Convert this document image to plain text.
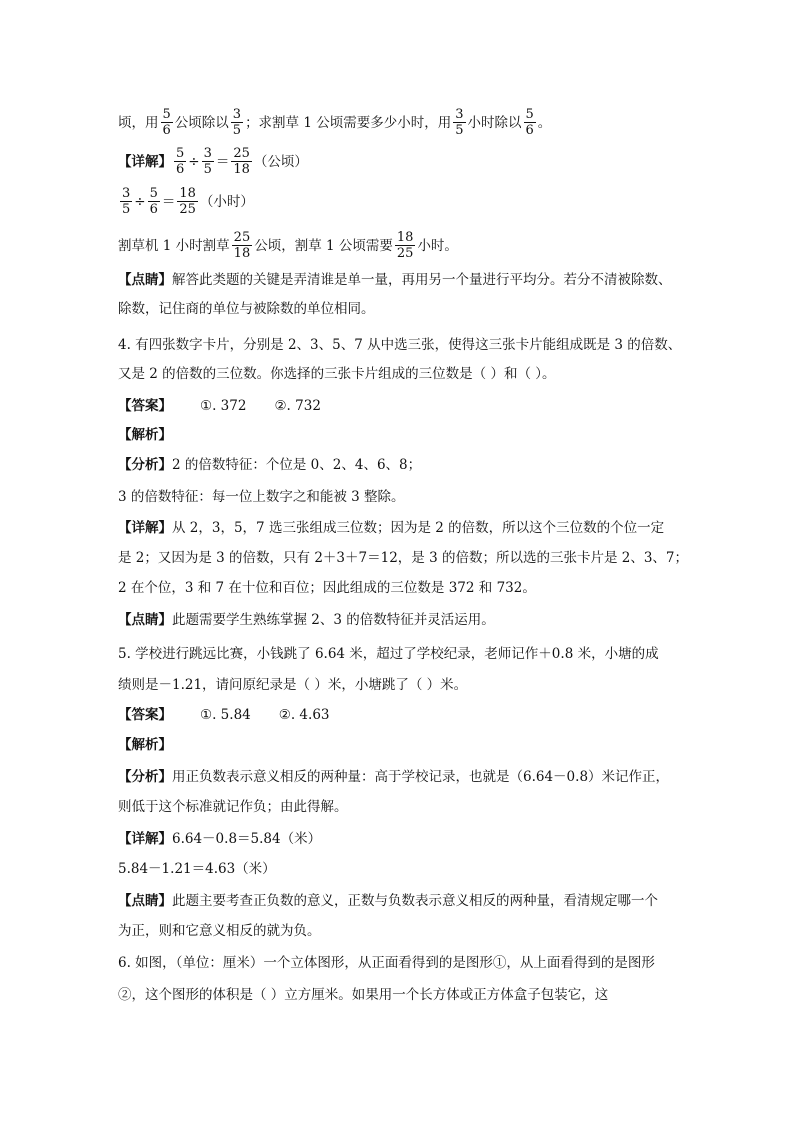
顷，用 $\frac{5}{6}$ 公顷除以 $\frac{3}{5}$ ；求割草 1 公顷需要多少小时，用 $\frac{3}{5}$ 小时除以 $\frac{5}{6}$ 。
【详解】 $\frac{5}{6} \div \frac{3}{5} = \frac{25}{18}$ （公顷）
$\frac{3}{5} \div \frac{5}{6} = \frac{18}{25}$ （小时）
割草机 1 小时割草 $\frac{25}{18}$ 公顷，割草 1 公顷需要 $\frac{18}{25}$ 小时。
【点睛】 解答此类题的关键是弄清谁是单一量，再用另一个量进行平均分。若分不清被除数、
除数，记住商的单位与被除数的单位相同。
4. 有四张数字卡片，分别是 2、3、5、7 从中选三张，使得这三张卡片能组成既是 3 的倍数、
又是 2 的倍数的三位数。你选择的三张卡片组成的三位数是（ ）和（ ）。
【答案】 ①. 372 ②. 732
【解析】
【分析】 2 的倍数特征：个位是 0、2、4、6、8；
3 的倍数特征：每一位上数字之和能被 3 整除。
【详解】 从 2，3，5，7 选三张组成三位数；因为是 2 的倍数，所以这个三位数的个位一定
是 2；又因为是 3 的倍数，只有 2＋3＋7＝12，是 3 的倍数；所以选的三张卡片是 2、3、7；
2 在个位，3 和 7 在十位和百位；因此组成的三位数是 372 和 732。
【点睛】 此题需要学生熟练掌握 2、3 的倍数特征并灵活运用。
5. 学校进行跳远比赛，小钱跳了 6.64 米，超过了学校纪录，老师记作＋0.8 米，小塘的成
绩则是－1.21，请问原纪录是（ ）米，小塘跳了（ ）米。
【答案】 ①. 5.84 ②. 4.63
【解析】
【分析】 用正负数表示意义相反的两种量：高于学校记录，也就是（6.64－0.8）米记作正，
则低于这个标准就记作负；由此得解。
【详解】 6.64－0.8＝5.84（米）
5.84－1.21＝4.63（米）
【点睛】 此题主要考查正负数的意义，正数与负数表示意义相反的两种量，看清规定哪一个
为正，则和它意义相反的就为负。
6. 如图，（单位：厘米）一个立体图形，从正面看得到的是图形①，从上面看得到的是图形
②，这个图形的体积是（ ）立方厘米。如果用一个长方体或正方体盒子包装它，这
